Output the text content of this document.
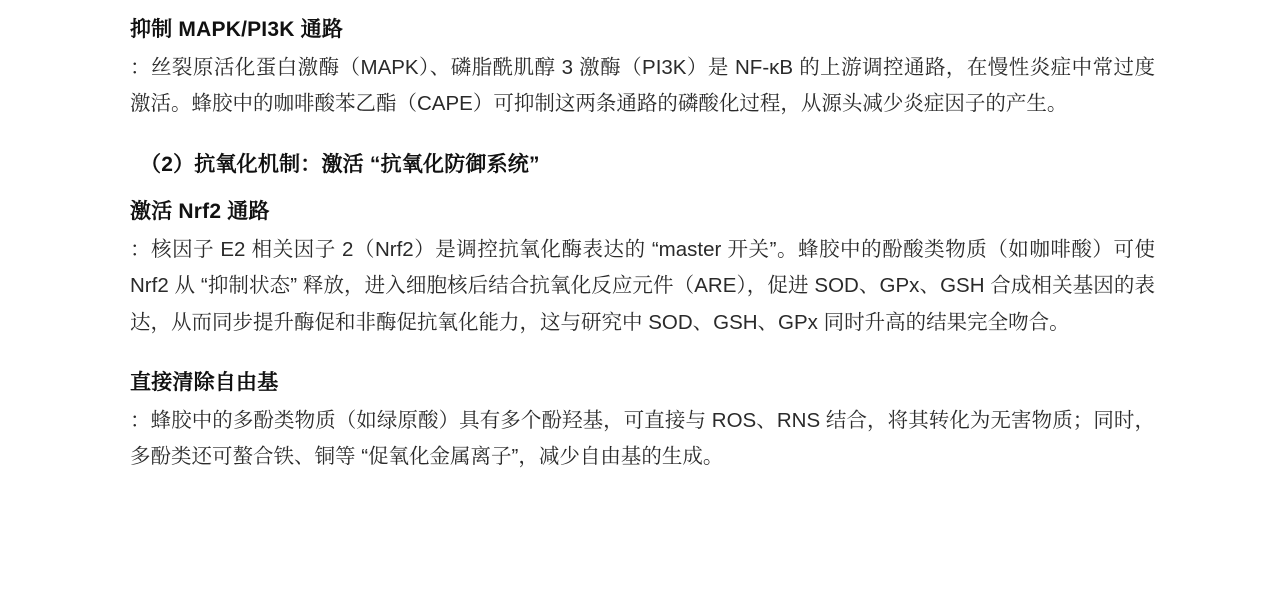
抑制 MAPK/PI3K 通路

：丝裂原活化蛋白激酶（MAPK）、磷脂酰肌醇 3 激酶（PI3K）是 NF-κB 的上游调控通路，在慢性炎症中常过度激活。蜂胶中的咖啡酸苯乙酯（CAPE）可抑制这两条通路的磷酸化过程，从源头减少炎症因子的产生。

（2）抗氧化机制：激活 “抗氧化防御系统”
激活 Nrf2 通路

：核因子 E2 相关因子 2（Nrf2）是调控抗氧化酶表达的 “master 开关”。蜂胶中的酚酸类物质（如咖啡酸）可使 Nrf2 从 “抑制状态” 释放，进入细胞核后结合抗氧化反应元件（ARE），促进 SOD、GPx、GSH 合成相关基因的表达，从而同步提升酶促和非酶促抗氧化能力，这与研究中 SOD、GSH、GPx 同时升高的结果完全吻合。

直接清除自由基

：蜂胶中的多酚类物质（如绿原酸）具有多个酚羟基，可直接与 ROS、RNS 结合，将其转化为无害物质；同时，多酚类还可螯合铁、铜等 “促氧化金属离子”，减少自由基的生成。
